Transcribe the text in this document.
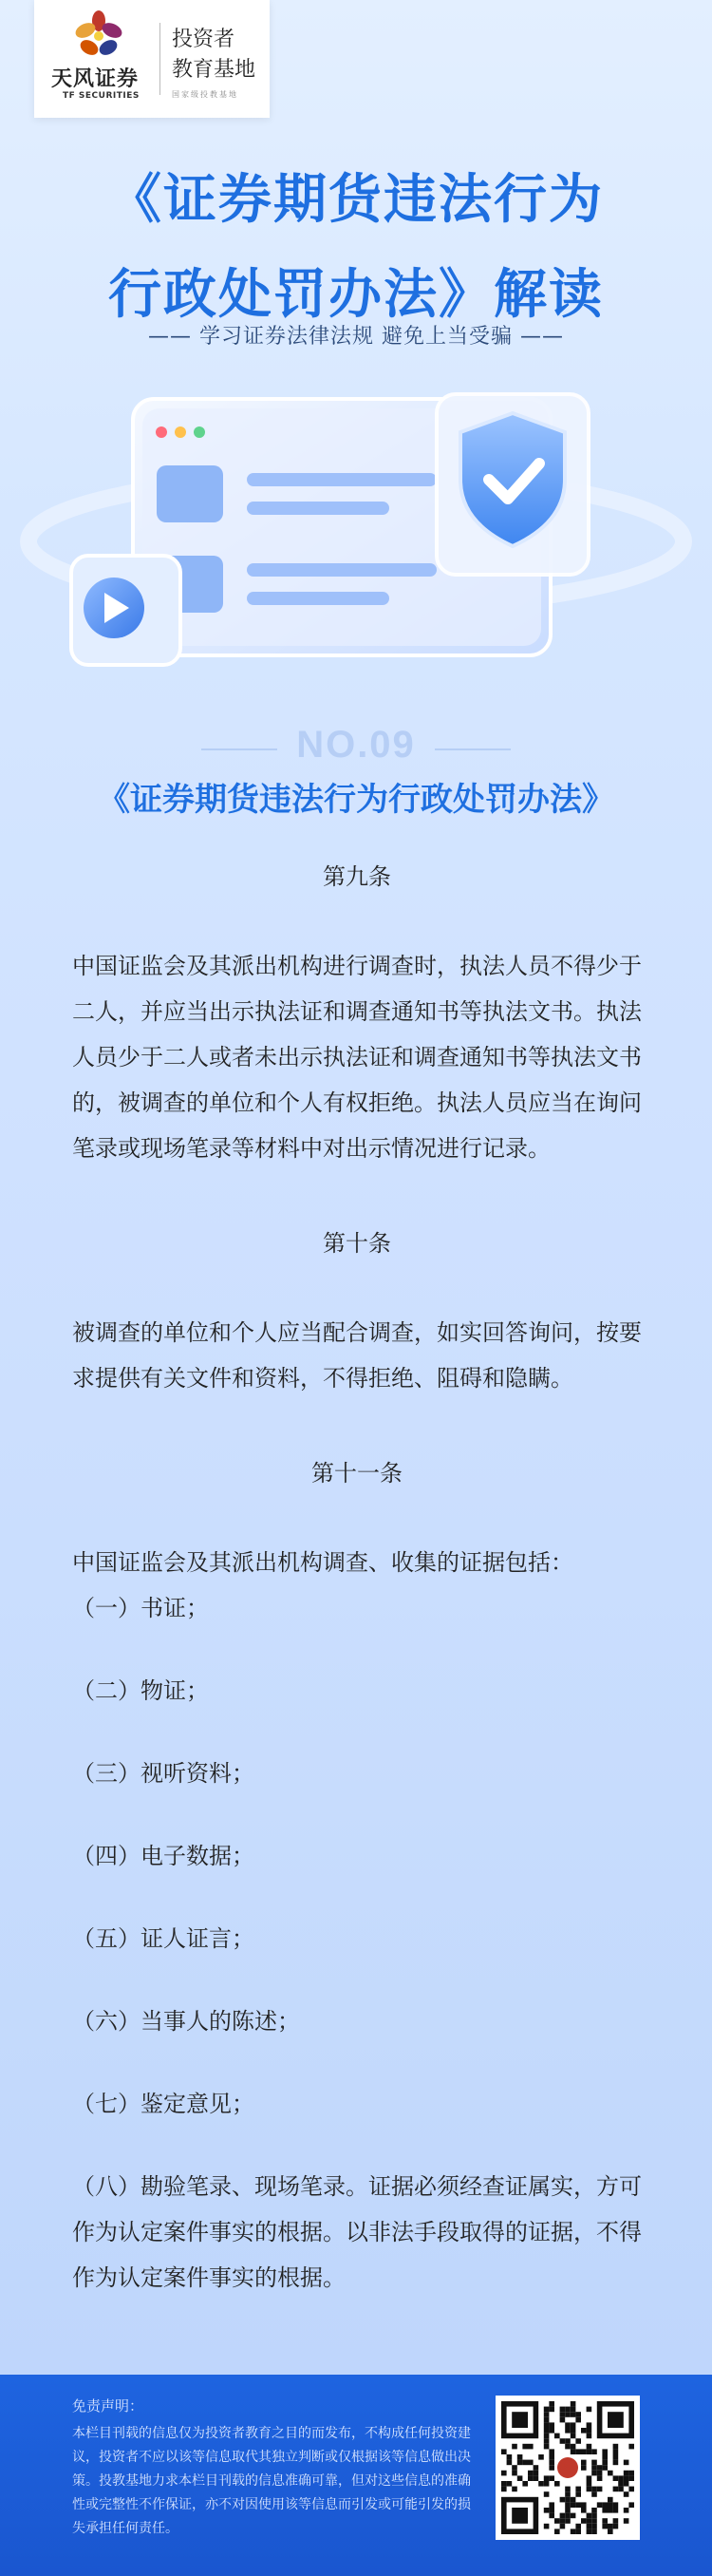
天风证券
TF SECURITIES
投资者
教育基地
国家级投教基地
《证券期货违法行为
行政处罚办法》解读
—— 学习证券法律法规 避免上当受骗 ——
NO.09
《证券期货违法行为行政处罚办法》
第九条
中国证监会及其派出机构进行调查时，执法人员不得少于二人，并应当出示执法证和调查通知书等执法文书。执法人员少于二人或者未出示执法证和调查通知书等执法文书的，被调查的单位和个人有权拒绝。执法人员应当在询问笔录或现场笔录等材料中对出示情况进行记录。
第十条
被调查的单位和个人应当配合调查，如实回答询问，按要求提供有关文件和资料，不得拒绝、阻碍和隐瞒。
第十一条
中国证监会及其派出机构调查、收集的证据包括：
（一）书证；
（二）物证；
（三）视听资料；
（四）电子数据；
（五）证人证言；
（六）当事人的陈述；
（七）鉴定意见；
（八）勘验笔录、现场笔录。证据必须经查证属实，方可作为认定案件事实的根据。以非法手段取得的证据，不得作为认定案件事实的根据。
免责声明：
本栏目刊载的信息仅为投资者教育之目的而发布，不构成任何投资建议，投资者不应以该等信息取代其独立判断或仅根据该等信息做出决策。投教基地力求本栏目刊载的信息准确可靠，但对这些信息的准确性或完整性不作保证，亦不对因使用该等信息而引发或可能引发的损失承担任何责任。
